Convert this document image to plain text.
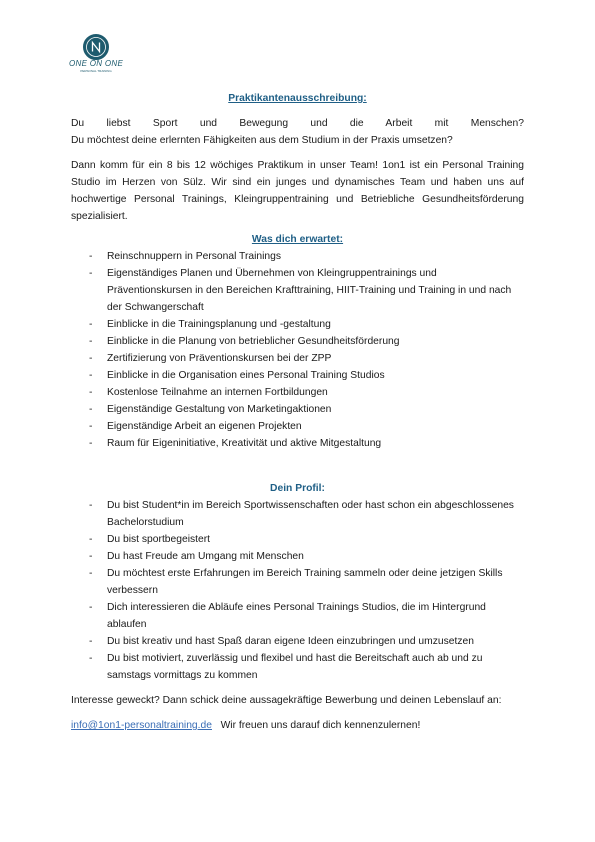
ONE ON ONE
PERSONAL TRAINING
Praktikantenausschreibung:

Du liebst Sport und Bewegung und die Arbeit mit Menschen?

Du möchtest deine erlernten Fähigkeiten aus dem Studium in der Praxis umsetzen?

Dann komm für ein 8 bis 12 wöchiges Praktikum in unser Team! 1on1 ist ein Personal Training Studio im Herzen von Sülz. Wir sind ein junges und dynamisches Team und haben uns auf hochwertige Personal Trainings, Kleingruppentraining und Betriebliche Gesundheitsförderung spezialisiert.

Was dich erwartet:
- Reinschnuppern in Personal Trainings
- Eigenständiges Planen und Übernehmen von Kleingruppentrainings und Präventionskursen in den Bereichen Krafttraining, HIIT-Training und Training in und nach der Schwangerschaft
- Einblicke in die Trainingsplanung und -gestaltung
- Einblicke in die Planung von betrieblicher Gesundheitsförderung
- Zertifizierung von Präventionskursen bei der ZPP
- Einblicke in die Organisation eines Personal Training Studios
- Kostenlose Teilnahme an internen Fortbildungen
- Eigenständige Gestaltung von Marketingaktionen
- Eigenständige Arbeit an eigenen Projekten
- Raum für Eigeninitiative, Kreativität und aktive Mitgestaltung
Dein Profil:
- Du bist Student*in im Bereich Sportwissenschaften oder hast schon ein abgeschlossenes Bachelorstudium
- Du bist sportbegeistert
- Du hast Freude am Umgang mit Menschen
- Du möchtest erste Erfahrungen im Bereich Training sammeln oder deine jetzigen Skills verbessern
- Dich interessieren die Abläufe eines Personal Trainings Studios, die im Hintergrund ablaufen
- Du bist kreativ und hast Spaß daran eigene Ideen einzubringen und umzusetzen
- Du bist motiviert, zuverlässig und flexibel und hast die Bereitschaft auch ab und zu samstags vormittags zu kommen

Interesse geweckt? Dann schick deine aussagekräftige Bewerbung und deinen Lebenslauf an:

info@1on1-personaltraining.de Wir freuen uns darauf dich kennenzulernen!
